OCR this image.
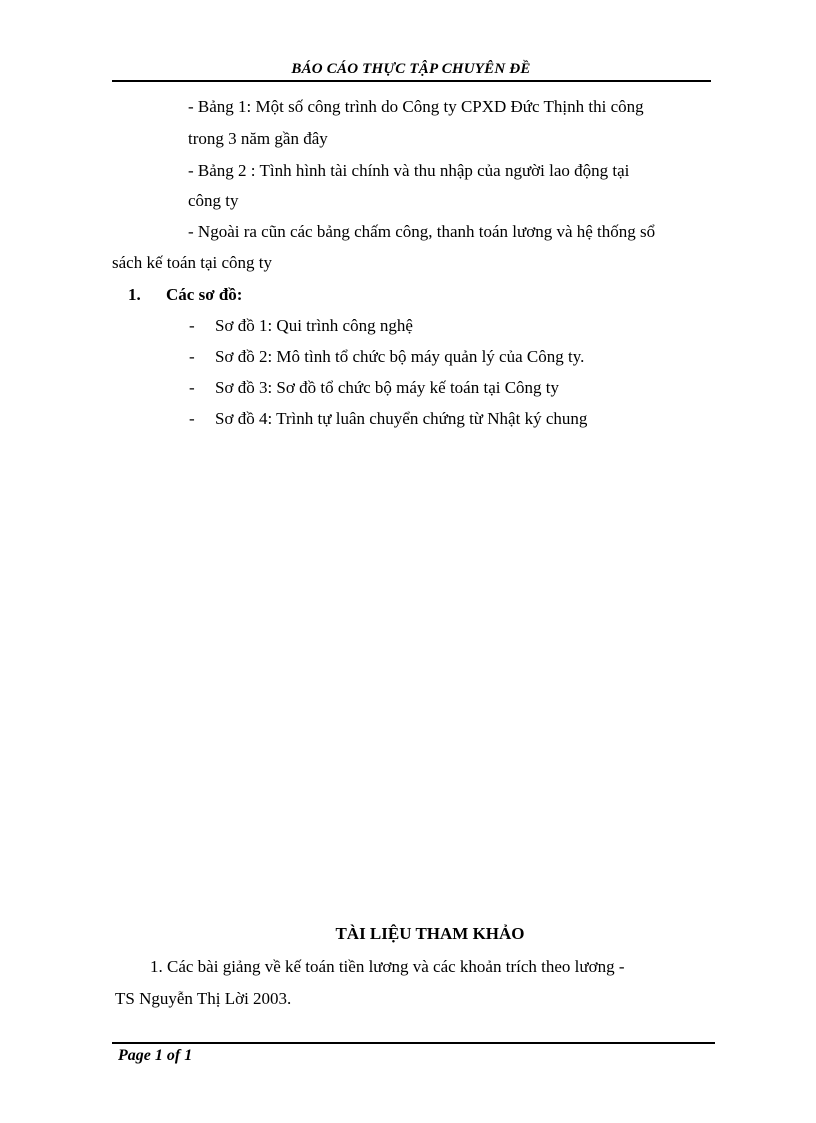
BÁO CÁO THỰC TẬP CHUYÊN ĐỀ
- Bảng 1: Một số công trình do Công ty CPXD Đức Thịnh thi công
trong 3 năm gần đây
- Bảng 2 : Tình hình tài chính và thu nhập của người lao động tại
công ty
- Ngoài ra cũn các bảng chấm công, thanh toán lương và hệ thống sổ
sách kế toán tại công ty
1. Các sơ đồ:
- Sơ đồ 1: Qui trình công nghệ
- Sơ đồ 2: Mô tình tổ chức bộ máy quản lý của Công ty.
- Sơ đồ 3: Sơ đồ tổ chức bộ máy kế toán tại Công ty
- Sơ đồ 4: Trình tự luân chuyển chứng từ Nhật ký chung
TÀI LIỆU THAM KHẢO
1. Các bài giảng về kế toán tiền lương và các khoản trích theo lương -
TS Nguyễn Thị Lời 2003.
Page 1 of 1
